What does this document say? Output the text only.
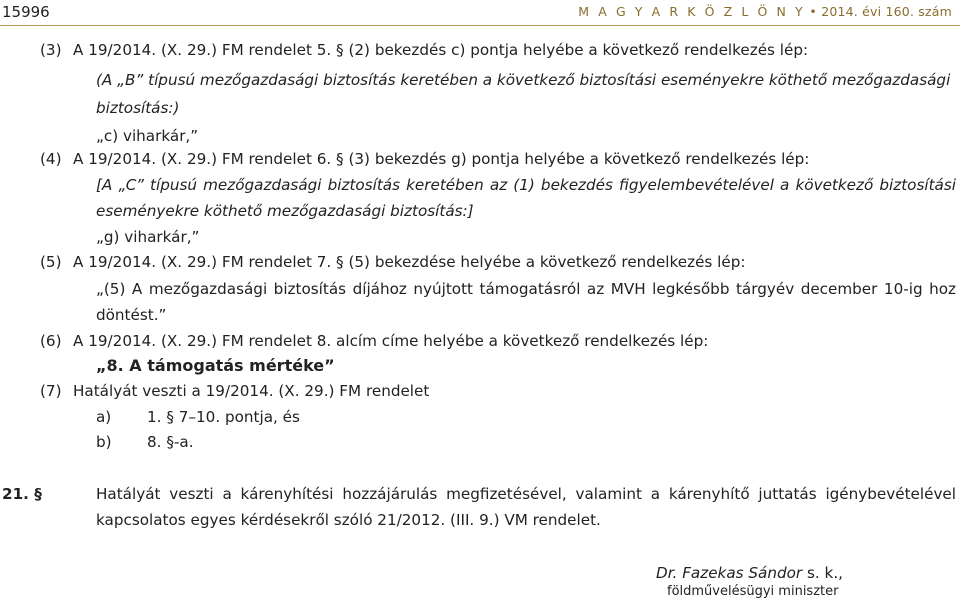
15996	M A G Y A R K Ö Z L Ö N Y • 2014. évi 160. szám
(3) A 19/2014. (X. 29.) FM rendelet 5. § (2) bekezdés c) pontja helyébe a következő rendelkezés lép:
(A „B” típusú mezőgazdasági biztosítás keretében a következő biztosítási eseményekre köthető mezőgazdasági
biztosítás:)
„c) viharkár,”
(4) A 19/2014. (X. 29.) FM rendelet 6. § (3) bekezdés g) pontja helyébe a következő rendelkezés lép:
[A „C” típusú mezőgazdasági biztosítás keretében az (1) bekezdés figyelembevételével a következő biztosítási
eseményekre köthető mezőgazdasági biztosítás:]
„g) viharkár,”
(5) A 19/2014. (X. 29.) FM rendelet 7. § (5) bekezdése helyébe a következő rendelkezés lép:
„(5) A mezőgazdasági biztosítás díjához nyújtott támogatásról az MVH legkésőbb tárgyév december 10-ig hoz
döntést.”
(6) A 19/2014. (X. 29.) FM rendelet 8. alcím címe helyébe a következő rendelkezés lép:
„8. A támogatás mértéke”
(7) Hatályát veszti a 19/2014. (X. 29.) FM rendelet
a) 1. § 7–10. pontja, és
b) 8. §-a.
21. §	Hatályát veszti a kárenyhítési hozzájárulás megfizetésével, valamint a kárenyhítő juttatás igénybevételével
kapcsolatos egyes kérdésekről szóló 21/2012. (III. 9.) VM rendelet.
Dr. Fazekas Sándor s. k.,
földművelésügyi miniszter
